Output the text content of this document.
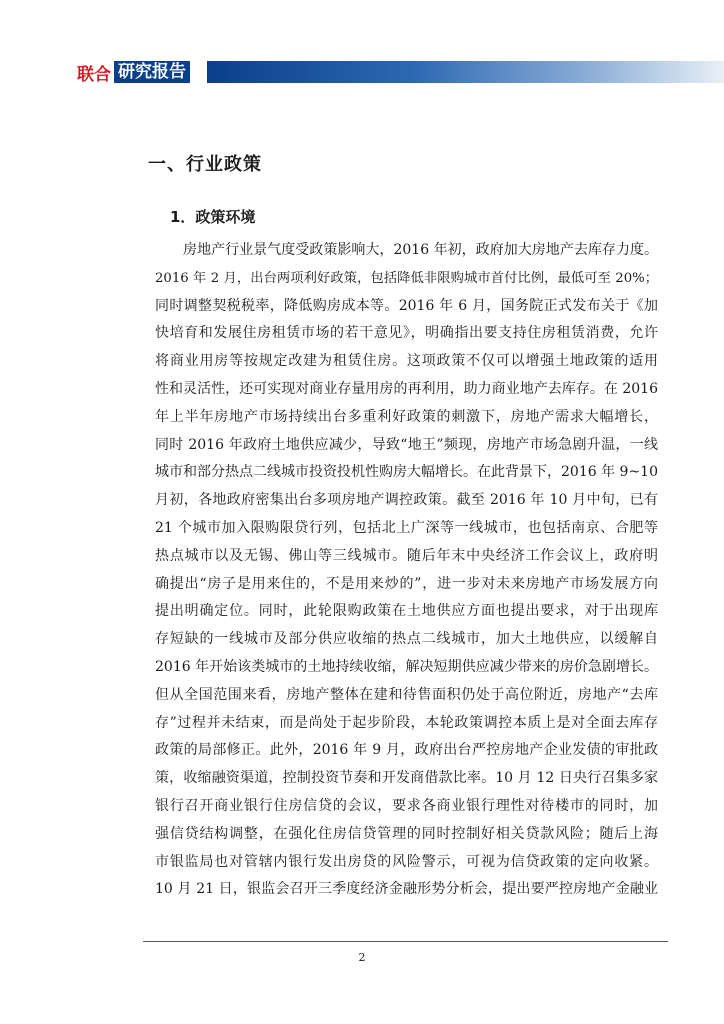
联合 研究报告
一、行业政策
1．政策环境
　　房地产行业景气度受政策影响大，2016 年初，政府加大房地产去库存力度。
2016 年 2 月，出台两项利好政策，包括降低非限购城市首付比例，最低可至 20%；
同时调整契税税率，降低购房成本等。2016 年 6 月，国务院正式发布关于《加
快培育和发展住房租赁市场的若干意见》，明确指出要支持住房租赁消费，允许
将商业用房等按规定改建为租赁住房。这项政策不仅可以增强土地政策的适用
性和灵活性，还可实现对商业存量用房的再利用，助力商业地产去库存。在 2016
年上半年房地产市场持续出台多重利好政策的刺激下，房地产需求大幅增长，
同时 2016 年政府土地供应减少，导致“地王”频现，房地产市场急剧升温，一线
城市和部分热点二线城市投资投机性购房大幅增长。在此背景下，2016 年 9~10
月初，各地政府密集出台多项房地产调控政策。截至 2016 年 10 月中旬，已有
21 个城市加入限购限贷行列，包括北上广深等一线城市，也包括南京、合肥等
热点城市以及无锡、佛山等三线城市。随后年末中央经济工作会议上，政府明
确提出“房子是用来住的，不是用来炒的”，进一步对未来房地产市场发展方向
提出明确定位。同时，此轮限购政策在土地供应方面也提出要求，对于出现库
存短缺的一线城市及部分供应收缩的热点二线城市，加大土地供应，以缓解自
2016 年开始该类城市的土地持续收缩，解决短期供应减少带来的房价急剧增长。
但从全国范围来看，房地产整体在建和待售面积仍处于高位附近，房地产“去库
存”过程并未结束，而是尚处于起步阶段，本轮政策调控本质上是对全面去库存
政策的局部修正。此外，2016 年 9 月，政府出台严控房地产企业发债的审批政
策，收缩融资渠道，控制投资节奏和开发商借款比率。10 月 12 日央行召集多家
银行召开商业银行住房信贷的会议，要求各商业银行理性对待楼市的同时，加
强信贷结构调整，在强化住房信贷管理的同时控制好相关贷款风险；随后上海
市银监局也对管辖内银行发出房贷的风险警示，可视为信贷政策的定向收紧。
10 月 21 日，银监会召开三季度经济金融形势分析会，提出要严控房地产金融业
2
